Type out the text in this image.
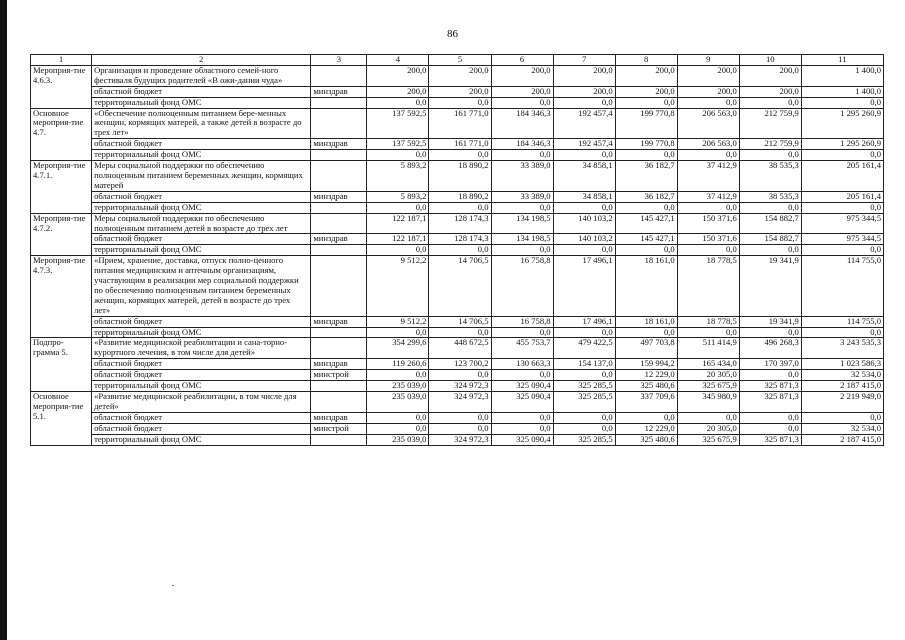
86
1	2	3	4	5	6	7	8	9	10	11
Мероприя-тие 4.6.3.	Организация и проведение областного семей-ного фестиваля будущих родителей «В ожи-дании чуда»		200,0	200,0	200,0	200,0	200,0	200,0	200,0	1 400,0
	областной бюджет	минздрав	200,0	200,0	200,0	200,0	200,0	200,0	200,0	1 400,0
	территориальный фонд ОМС		0,0	0,0	0,0	0,0	0,0	0,0	0,0	0,0
Основное мероприя-тие 4.7.	«Обеспечение полноценным питанием бере-менных женщин, кормящих матерей, а также детей в возрасте до трех лет»		137 592,5	161 771,0	184 346,3	192 457,4	199 770,8	206 563,0	212 759,9	1 295 260,9
	областной бюджет	минздрав	137 592,5	161 771,0	184 346,3	192 457,4	199 770,8	206 563,0	212 759,9	1 295 260,9
	территориальный фонд ОМС		0,0	0,0	0,0	0,0	0,0	0,0	0,0	0,0
Мероприя-тие 4.7.1.	Меры социальной поддержки по обеспечению полноценным питанием беременных женщин, кормящих матерей		5 893,2	18 890,2	33 389,0	34 858,1	36 182,7	37 412,9	38 535,3	205 161,4
	областной бюджет	минздрав	5 893,2	18 890,2	33 389,0	34 858,1	36 182,7	37 412,9	38 535,3	205 161,4
	территориальный фонд ОМС		0,0	0,0	0,0	0,0	0,0	0,0	0,0	0,0
Мероприя-тие 4.7.2.	Меры социальной поддержки по обеспечению полноценным питанием детей в возрасте до трех лет		122 187,1	128 174,3	134 198,5	140 103,2	145 427,1	150 371,6	154 882,7	975 344,5
	областной бюджет	минздрав	122 187,1	128 174,3	134 198,5	140 103,2	145 427,1	150 371,6	154 882,7	975 344,5
	территориальный фонд ОМС		0,0	0,0	0,0	0,0	0,0	0,0	0,0	0,0
Мероприя-тие 4.7.3.	«Прием, хранение, доставка, отпуск полно-ценного питания медицинским и аптечным организациям, участвующим в реализации мер социальной поддержки по обеспечению полноценным питанием беременных женщин, кормящих матерей, детей в возрасте до трех лет»		9 512,2	14 706,5	16 758,8	17 496,1	18 161,0	18 778,5	19 341,9	114 755,0
	областной бюджет	минздрав	9 512,2	14 706,5	16 758,8	17 496,1	18 161,0	18 778,5	19 341,9	114 755,0
	территориальный фонд ОМС		0,0	0,0	0,0	0,0	0,0	0,0	0,0	0,0
Подпро-грамма 5.	«Развитие медицинской реабилитации и сана-торно-курортного лечения, в том числе для детей»		354 299,6	448 672,5	455 753,7	479 422,5	497 703,8	511 414,9	496 268,3	3 243 535,3
	областной бюджет	минздрав	119 260,6	123 700,2	130 663,3	154 137,0	159 994,2	165 434,0	170 397,0	1 023 586,3
	областной бюджет	минстрой	0,0	0,0	0,0	0,0	12 229,0	20 305,0	0,0	32 534,0
	территориальный фонд ОМС		235 039,0	324 972,3	325 090,4	325 285,5	325 480,6	325 675,9	325 871,3	2 187 415,0
Основное мероприя-тие 5.1.	«Развитие медицинской реабилитации, в том числе для детей»		235 039,0	324 972,3	325 090,4	325 285,5	337 709,6	345 980,9	325 871,3	2 219 949,0
	областной бюджет	минздрав	0,0	0,0	0,0	0,0	0,0	0,0	0,0	0,0
	областной бюджет	минстрой	0,0	0,0	0,0	0,0	12 229,0	20 305,0	0,0	32 534,0
	территориальный фонд ОМС		235 039,0	324 972,3	325 090,4	325 285,5	325 480,6	325 675,9	325 871,3	2 187 415,0
